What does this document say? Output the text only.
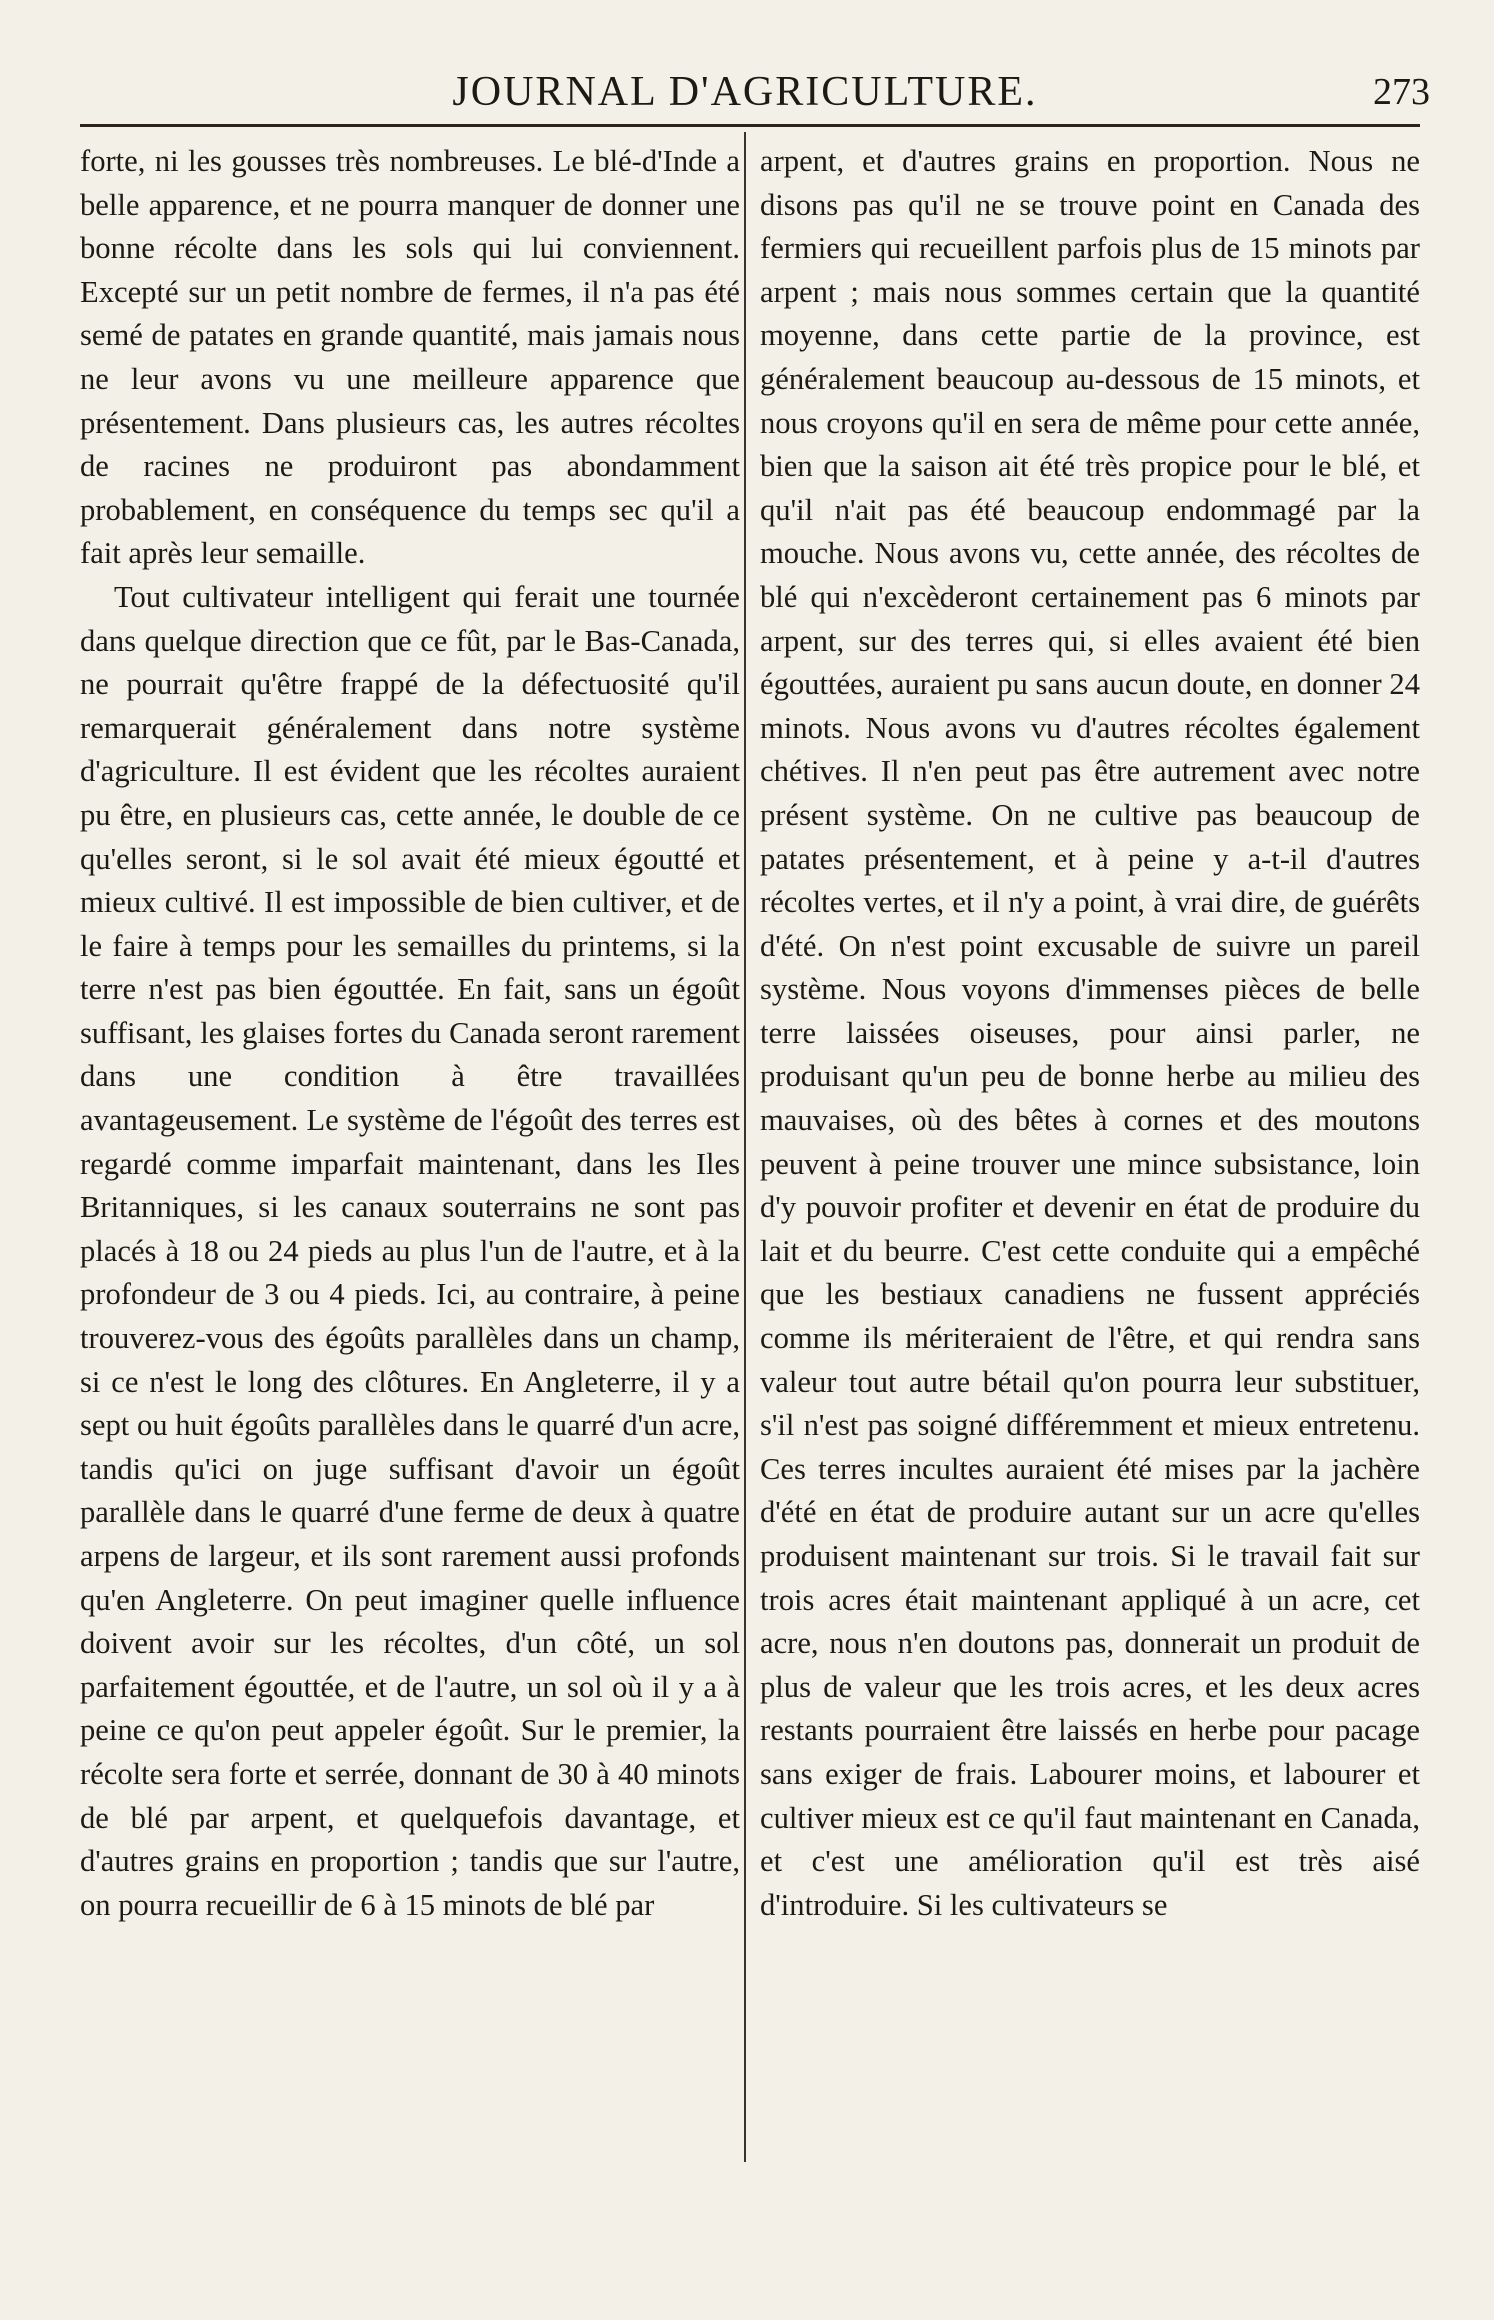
JOURNAL D'AGRICULTURE.	273

forte, ni les gousses très nombreuses. Le blé-d'Inde a belle apparence, et ne pourra manquer de donner une bonne récolte dans les sols qui lui conviennent. Excepté sur un petit nombre de fermes, il n'a pas été semé de patates en grande quantité, mais jamais nous ne leur avons vu une meilleure apparence que présentement. Dans plusieurs cas, les autres récoltes de racines ne produiront pas abondamment probablement, en conséquence du temps sec qu'il a fait après leur semaille.

Tout cultivateur intelligent qui ferait une tournée dans quelque direction que ce fût, par le Bas-Canada, ne pourrait qu'être frappé de la défectuosité qu'il remarquerait généralement dans notre système d'agriculture. Il est évident que les récoltes auraient pu être, en plusieurs cas, cette année, le double de ce qu'elles seront, si le sol avait été mieux égoutté et mieux cultivé. Il est impossible de bien cultiver, et de le faire à temps pour les semailles du printems, si la terre n'est pas bien égouttée. En fait, sans un égoût suffisant, les glaises fortes du Canada seront rarement dans une condition à être travaillées avantageusement. Le système de l'égoût des terres est regardé comme imparfait maintenant, dans les Iles Britanniques, si les canaux souterrains ne sont pas placés à 18 ou 24 pieds au plus l'un de l'autre, et à la profondeur de 3 ou 4 pieds. Ici, au contraire, à peine trouverez-vous des égoûts parallèles dans un champ, si ce n'est le long des clôtures. En Angleterre, il y a sept ou huit égoûts parallèles dans le quarré d'un acre, tandis qu'ici on juge suffisant d'avoir un égoût parallèle dans le quarré d'une ferme de deux à quatre arpens de largeur, et ils sont rarement aussi profonds qu'en Angleterre. On peut imaginer quelle influence doivent avoir sur les récoltes, d'un côté, un sol parfaitement égouttée, et de l'autre, un sol où il y a à peine ce qu'on peut appeler égoût. Sur le premier, la récolte sera forte et serrée, donnant de 30 à 40 minots de blé par arpent, et quelquefois davantage, et d'autres grains en proportion ; tandis que sur l'autre, on pourra recueillir de 6 à 15 minots de blé par

arpent, et d'autres grains en proportion. Nous ne disons pas qu'il ne se trouve point en Canada des fermiers qui recueillent parfois plus de 15 minots par arpent ; mais nous sommes certain que la quantité moyenne, dans cette partie de la province, est généralement beaucoup au-dessous de 15 minots, et nous croyons qu'il en sera de même pour cette année, bien que la saison ait été très propice pour le blé, et qu'il n'ait pas été beaucoup endommagé par la mouche. Nous avons vu, cette année, des récoltes de blé qui n'excèderont certainement pas 6 minots par arpent, sur des terres qui, si elles avaient été bien égouttées, auraient pu sans aucun doute, en donner 24 minots. Nous avons vu d'autres récoltes également chétives. Il n'en peut pas être autrement avec notre présent système. On ne cultive pas beaucoup de patates présentement, et à peine y a-t-il d'autres récoltes vertes, et il n'y a point, à vrai dire, de guérêts d'été. On n'est point excusable de suivre un pareil système. Nous voyons d'immenses pièces de belle terre laissées oiseuses, pour ainsi parler, ne produisant qu'un peu de bonne herbe au milieu des mauvaises, où des bêtes à cornes et des moutons peuvent à peine trouver une mince subsistance, loin d'y pouvoir profiter et devenir en état de produire du lait et du beurre. C'est cette conduite qui a empêché que les bestiaux canadiens ne fussent appréciés comme ils mériteraient de l'être, et qui rendra sans valeur tout autre bétail qu'on pourra leur substituer, s'il n'est pas soigné différemment et mieux entretenu. Ces terres incultes auraient été mises par la jachère d'été en état de produire autant sur un acre qu'elles produisent maintenant sur trois. Si le travail fait sur trois acres était maintenant appliqué à un acre, cet acre, nous n'en doutons pas, donnerait un produit de plus de valeur que les trois acres, et les deux acres restants pourraient être laissés en herbe pour pacage sans exiger de frais. Labourer moins, et labourer et cultiver mieux est ce qu'il faut maintenant en Canada, et c'est une amélioration qu'il est très aisé d'introduire. Si les cultivateurs se
